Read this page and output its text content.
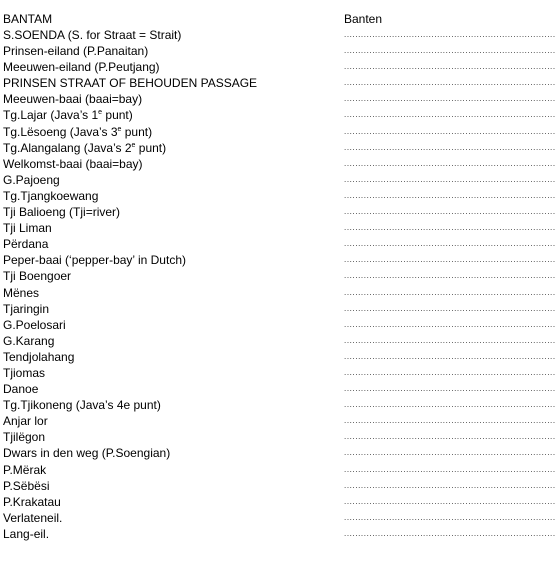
BANTAM	Banten
S.SOENDA (S. for Straat = Strait)	...........................................................................
Prinsen-eiland (P.Panaitan)	...........................................................................
Meeuwen-eiland (P.Peutjang)	...........................................................................
PRINSEN STRAAT OF BEHOUDEN PASSAGE	...........................................................................
Meeuwen-baai (baai=bay)	...........................................................................
Tg.Lajar (Java’s 1e punt)	...........................................................................
Tg.Lësoeng (Java’s 3e punt)	...........................................................................
Tg.Alangalang (Java’s 2e punt)	...........................................................................
Welkomst-baai (baai=bay)	...........................................................................
G.Pajoeng	...........................................................................
Tg.Tjangkoewang	...........................................................................
Tji Balioeng (Tji=river)	...........................................................................
Tji Liman	...........................................................................
Përdana	...........................................................................
Peper-baai (‘pepper-bay’ in Dutch)	...........................................................................
Tji Boengoer	...........................................................................
Mënes	...........................................................................
Tjaringin	...........................................................................
G.Poelosari	...........................................................................
G.Karang	...........................................................................
Tendjolahang	...........................................................................
Tjiomas	...........................................................................
Danoe	...........................................................................
Tg.Tjikoneng (Java’s 4e punt)	...........................................................................
Anjar lor	...........................................................................
Tjilëgon	...........................................................................
Dwars in den weg (P.Soengian)	...........................................................................
P.Mërak	...........................................................................
P.Sëbësi	...........................................................................
P.Krakatau	...........................................................................
Verlateneil.	...........................................................................
Lang-eil.	...........................................................................
